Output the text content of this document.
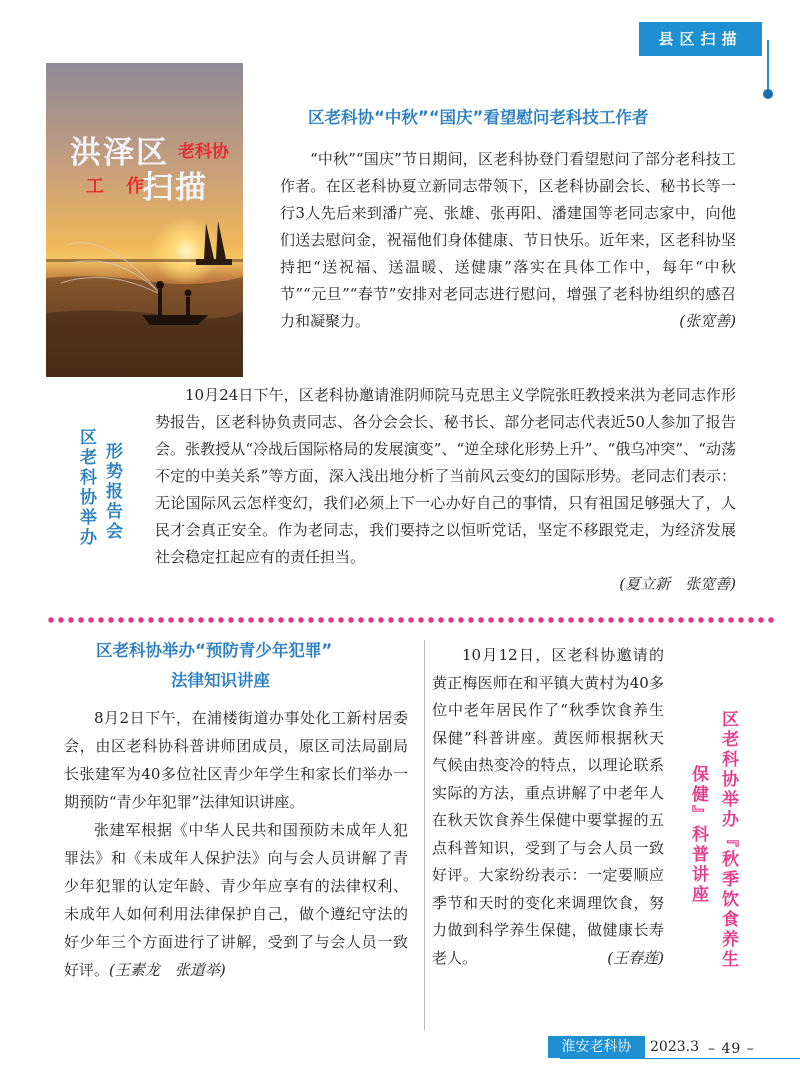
县区扫描
洪泽区 老科协
工 作
扫描
区老科协“中秋”“国庆”看望慰问老科技工作者
“中秋”“国庆”节日期间，区老科协登门看望慰问了部分老科技工作者。在区老科协夏立新同志带领下，区老科协副会长、秘书长等一行3人先后来到潘广亮、张雄、张再阳、潘建国等老同志家中，向他们送去慰问金，祝福他们身体健康、节日快乐。近年来，区老科协坚持把“送祝福、送温暖、送健康”落实在具体工作中，每年“中秋节”“元旦”“春节”安排对老同志进行慰问，增强了老科协组织的感召力和凝聚力。	(张宽善)
区老科协举办 形势报告会
10月24日下午，区老科协邀请淮阴师院马克思主义学院张旺教授来洪为老同志作形势报告，区老科协负责同志、各分会会长、秘书长、部分老同志代表近50人参加了报告会。张教授从“冷战后国际格局的发展演变”、“逆全球化形势上升”、“俄乌冲突”、“动荡不定的中美关系”等方面，深入浅出地分析了当前风云变幻的国际形势。老同志们表示：无论国际风云怎样变幻，我们必须上下一心办好自己的事情，只有祖国足够强大了，人民才会真正安全。作为老同志，我们要持之以恒听党话，坚定不移跟党走，为经济发展社会稳定扛起应有的责任担当。

(夏立新　张宽善)
区老科协举办“预防青少年犯罪”
法律知识讲座

8月2日下午，在浦楼街道办事处化工新村居委会，由区老科协科普讲师团成员，原区司法局副局长张建军为40多位社区青少年学生和家长们举办一期预防“青少年犯罪”法律知识讲座。

张建军根据《中华人民共和国预防未成年人犯罪法》和《未成年人保护法》向与会人员讲解了青少年犯罪的认定年龄、青少年应享有的法律权利、未成年人如何利用法律保护自己，做个遵纪守法的好少年三个方面进行了讲解，受到了与会人员一致好评。(王素龙　张道举)

10月12日，区老科协邀请的黄正梅医师在和平镇大黄村为40多位中老年居民作了“秋季饮食养生保健”科普讲座。黄医师根据秋天气候由热变冷的特点，以理论联系实际的方法，重点讲解了中老年人在秋天饮食养生保健中要掌握的五点科普知识，受到了与会人员一致好评。大家纷纷表示：一定要顺应季节和天时的变化来调理饮食，努力做到科学养生保健，做健康长寿老人。	(王春莲)	区老科协举办『秋季饮食养生
保健』科普讲座
淮安老科协	2023.3 – 49 –
